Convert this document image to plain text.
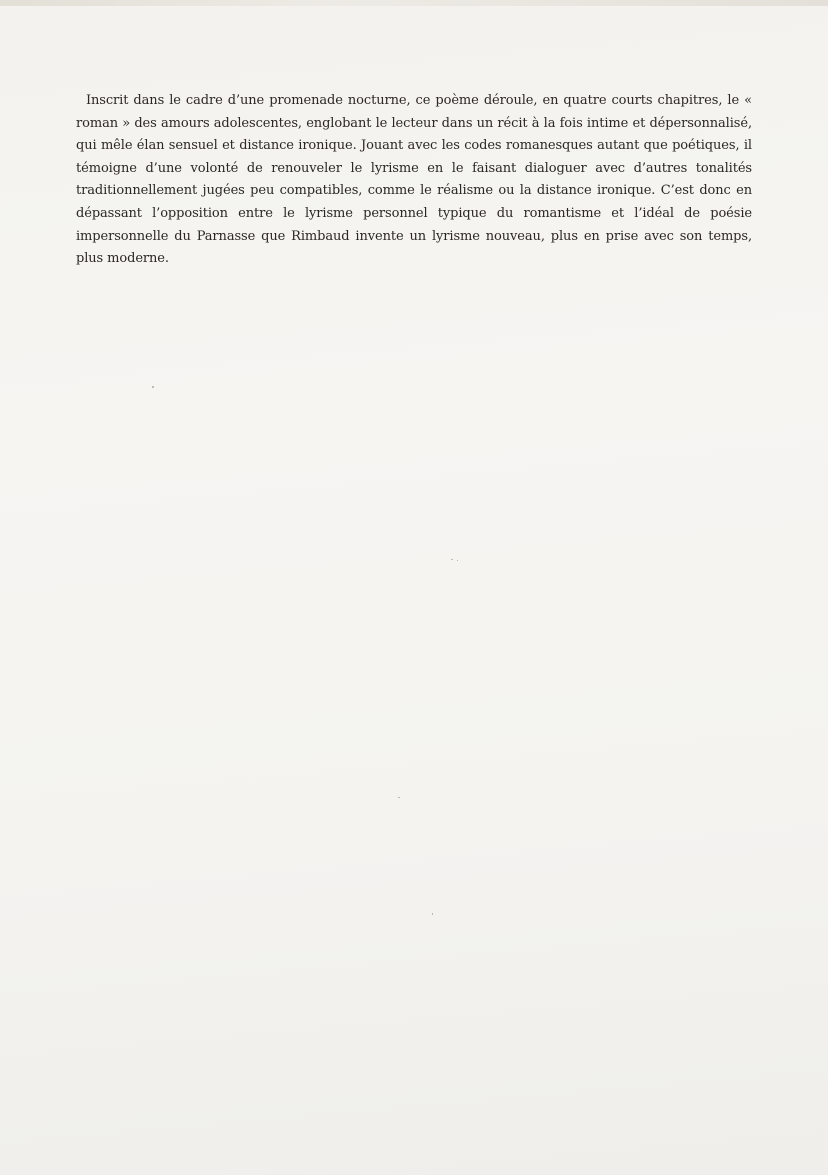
Inscrit dans le cadre d’une promenade nocturne, ce poème déroule, en quatre courts chapitres, le « roman » des amours adolescentes, englobant le lecteur dans un récit à la fois intime et dépersonnalisé, qui mêle élan sensuel et distance ironique. Jouant avec les codes romanesques autant que poétiques, il témoigne d’une volonté de renouveler le lyrisme en le faisant dialoguer avec d’autres tonalités traditionnellement jugées peu compatibles, comme le réalisme ou la distance ironique. C’est donc en dépassant l’opposition entre le lyrisme personnel typique du romantisme et l’idéal de poésie impersonnelle du Parnasse que Rimbaud invente un lyrisme nouveau, plus en prise avec son temps, plus moderne.
